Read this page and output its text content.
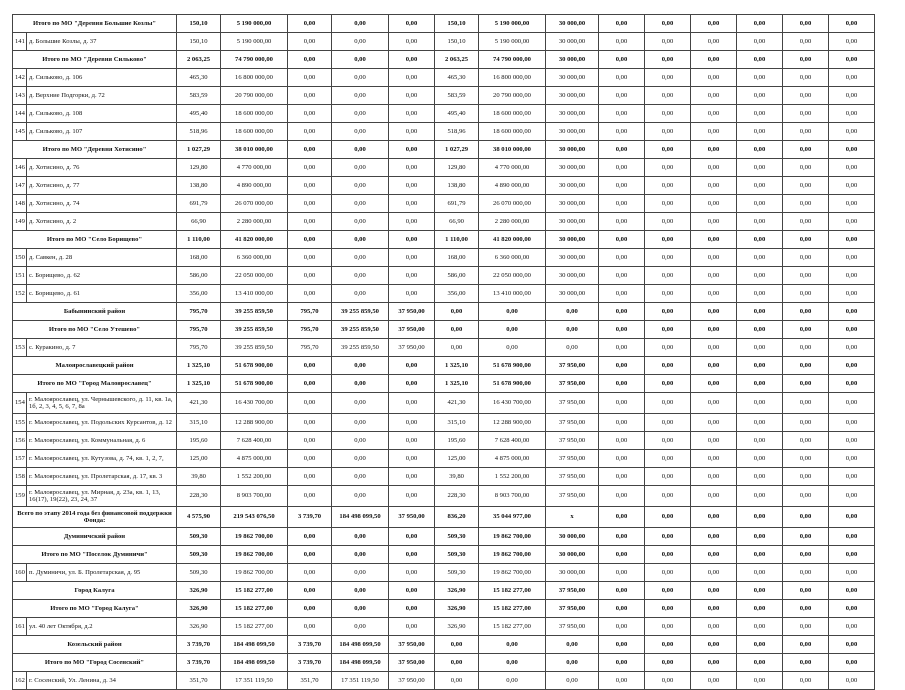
Итого по МО "Деревня Большие Козлы"		150,10	5 190 000,00	0,00	0,00	0,00	150,10	5 190 000,00	30 000,00	0,00	0,00	0,00	0,00	0,00	0,00
141	д. Большие Козлы, д. 37	150,10	5 190 000,00	0,00	0,00	0,00	150,10	5 190 000,00	30 000,00	0,00	0,00	0,00	0,00	0,00	0,00
Итого по МО "Деревня Сильково"		2 063,25	74 790 000,00	0,00	0,00	0,00	2 063,25	74 790 000,00	30 000,00	0,00	0,00	0,00	0,00	0,00	0,00
142	д. Сильково, д. 106	465,30	16 800 000,00	0,00	0,00	0,00	465,30	16 800 000,00	30 000,00	0,00	0,00	0,00	0,00	0,00	0,00
143	д. Верхние Подгорки, д. 72	583,59	20 790 000,00	0,00	0,00	0,00	583,59	20 790 000,00	30 000,00	0,00	0,00	0,00	0,00	0,00	0,00
144	д. Сильково, д. 108	495,40	18 600 000,00	0,00	0,00	0,00	495,40	18 600 000,00	30 000,00	0,00	0,00	0,00	0,00	0,00	0,00
145	д. Сильково, д. 107	518,96	18 600 000,00	0,00	0,00	0,00	518,96	18 600 000,00	30 000,00	0,00	0,00	0,00	0,00	0,00	0,00
Итого по МО "Деревня Хотисино"		1 027,29	38 010 000,00	0,00	0,00	0,00	1 027,29	38 010 000,00	30 000,00	0,00	0,00	0,00	0,00	0,00	0,00
146	д. Хотисино, д. 76	129,80	4 770 000,00	0,00	0,00	0,00	129,80	4 770 000,00	30 000,00	0,00	0,00	0,00	0,00	0,00	0,00
147	д. Хотисино, д. 77	138,80	4 890 000,00	0,00	0,00	0,00	138,80	4 890 000,00	30 000,00	0,00	0,00	0,00	0,00	0,00	0,00
148	д. Хотисино, д. 74	691,79	26 070 000,00	0,00	0,00	0,00	691,79	26 070 000,00	30 000,00	0,00	0,00	0,00	0,00	0,00	0,00
149	д. Хотисино, д. 2	66,90	2 280 000,00	0,00	0,00	0,00	66,90	2 280 000,00	30 000,00	0,00	0,00	0,00	0,00	0,00	0,00
Итого по МО "Село Борищево"		1 110,00	41 820 000,00	0,00	0,00	0,00	1 110,00	41 820 000,00	30 000,00	0,00	0,00	0,00	0,00	0,00	0,00
150	д. Савкен, д. 28	168,00	6 360 000,00	0,00	0,00	0,00	168,00	6 360 000,00	30 000,00	0,00	0,00	0,00	0,00	0,00	0,00
151	с. Борищево, д. 62	586,00	22 050 000,00	0,00	0,00	0,00	586,00	22 050 000,00	30 000,00	0,00	0,00	0,00	0,00	0,00	0,00
152	с. Борищево, д. 61	356,00	13 410 000,00	0,00	0,00	0,00	356,00	13 410 000,00	30 000,00	0,00	0,00	0,00	0,00	0,00	0,00
Бабынинский район		795,70	39 255 859,50	795,70	39 255 859,50	37 950,00	0,00	0,00	0,00	0,00	0,00	0,00	0,00	0,00	0,00
Итого по МО "Село Утешево"		795,70	39 255 859,50	795,70	39 255 859,50	37 950,00	0,00	0,00	0,00	0,00	0,00	0,00	0,00	0,00	0,00
153	с. Куракино, д. 7	795,70	39 255 859,50	795,70	39 255 859,50	37 950,00	0,00	0,00	0,00	0,00	0,00	0,00	0,00	0,00	0,00
Малоярославецкий район		1 325,10	51 678 900,00	0,00	0,00	0,00	1 325,10	51 678 900,00	37 950,00	0,00	0,00	0,00	0,00	0,00	0,00
Итого по МО "Город Малоярославец"		1 325,10	51 678 900,00	0,00	0,00	0,00	1 325,10	51 678 900,00	37 950,00	0,00	0,00	0,00	0,00	0,00	0,00
154	г. Малоярославец, ул. Чернышевского, д. 11, кв. 1а, 1б, 2, 3, 4, 5, 6, 7, 8а	421,30	16 430 700,00	0,00	0,00	0,00	421,30	16 430 700,00	37 950,00	0,00	0,00	0,00	0,00	0,00	0,00
155	г. Малоярославец, ул. Подольских Курсантов, д. 12	315,10	12 288 900,00	0,00	0,00	0,00	315,10	12 288 900,00	37 950,00	0,00	0,00	0,00	0,00	0,00	0,00
156	г. Малоярославец, ул. Коммунальная, д. 6	195,60	7 628 400,00	0,00	0,00	0,00	195,60	7 628 400,00	37 950,00	0,00	0,00	0,00	0,00	0,00	0,00
157	г. Малоярославец, ул. Кутузова, д. 74, кв. 1, 2, 7,	125,00	4 875 000,00	0,00	0,00	0,00	125,00	4 875 000,00	37 950,00	0,00	0,00	0,00	0,00	0,00	0,00
158	г. Малоярославец, ул. Пролетарская, д. 17, кв. 3	39,80	1 552 200,00	0,00	0,00	0,00	39,80	1 552 200,00	37 950,00	0,00	0,00	0,00	0,00	0,00	0,00
159	г. Малоярославец, ул. Мирная, д. 23а, кв. 1, 13, 16(17), 19(22), 23, 24, 37	228,30	8 903 700,00	0,00	0,00	0,00	228,30	8 903 700,00	37 950,00	0,00	0,00	0,00	0,00	0,00	0,00
Всего по этапу 2014 года без финансовой поддержки Фонда:		4 575,90	219 543 076,50	3 739,70	184 498 099,50	37 950,00	836,20	35 044 977,00	x	0,00	0,00	0,00	0,00	0,00	0,00
Думиничский район		509,30	19 862 700,00	0,00	0,00	0,00	509,30	19 862 700,00	30 000,00	0,00	0,00	0,00	0,00	0,00	0,00
Итого по МО "Поселок Думиничи"		509,30	19 862 700,00	0,00	0,00	0,00	509,30	19 862 700,00	30 000,00	0,00	0,00	0,00	0,00	0,00	0,00
160	п. Думиничи, ул. Б. Пролетарская, д. 95	509,30	19 862 700,00	0,00	0,00	0,00	509,30	19 862 700,00	30 000,00	0,00	0,00	0,00	0,00	0,00	0,00
Город Калуга		326,90	15 182 277,00	0,00	0,00	0,00	326,90	15 182 277,00	37 950,00	0,00	0,00	0,00	0,00	0,00	0,00
Итого по МО "Город Калуга"		326,90	15 182 277,00	0,00	0,00	0,00	326,90	15 182 277,00	37 950,00	0,00	0,00	0,00	0,00	0,00	0,00
161	ул. 40 лет Октября, д.2	326,90	15 182 277,00	0,00	0,00	0,00	326,90	15 182 277,00	37 950,00	0,00	0,00	0,00	0,00	0,00	0,00
Козельский район		3 739,70	184 498 099,50	3 739,70	184 498 099,50	37 950,00	0,00	0,00	0,00	0,00	0,00	0,00	0,00	0,00	0,00
Итого по МО "Город Сосенский"		3 739,70	184 498 099,50	3 739,70	184 498 099,50	37 950,00	0,00	0,00	0,00	0,00	0,00	0,00	0,00	0,00	0,00
162	г. Сосенский, Ул. Ленина, д. 34	351,70	17 351 119,50	351,70	17 351 119,50	37 950,00	0,00	0,00	0,00	0,00	0,00	0,00	0,00	0,00	0,00
